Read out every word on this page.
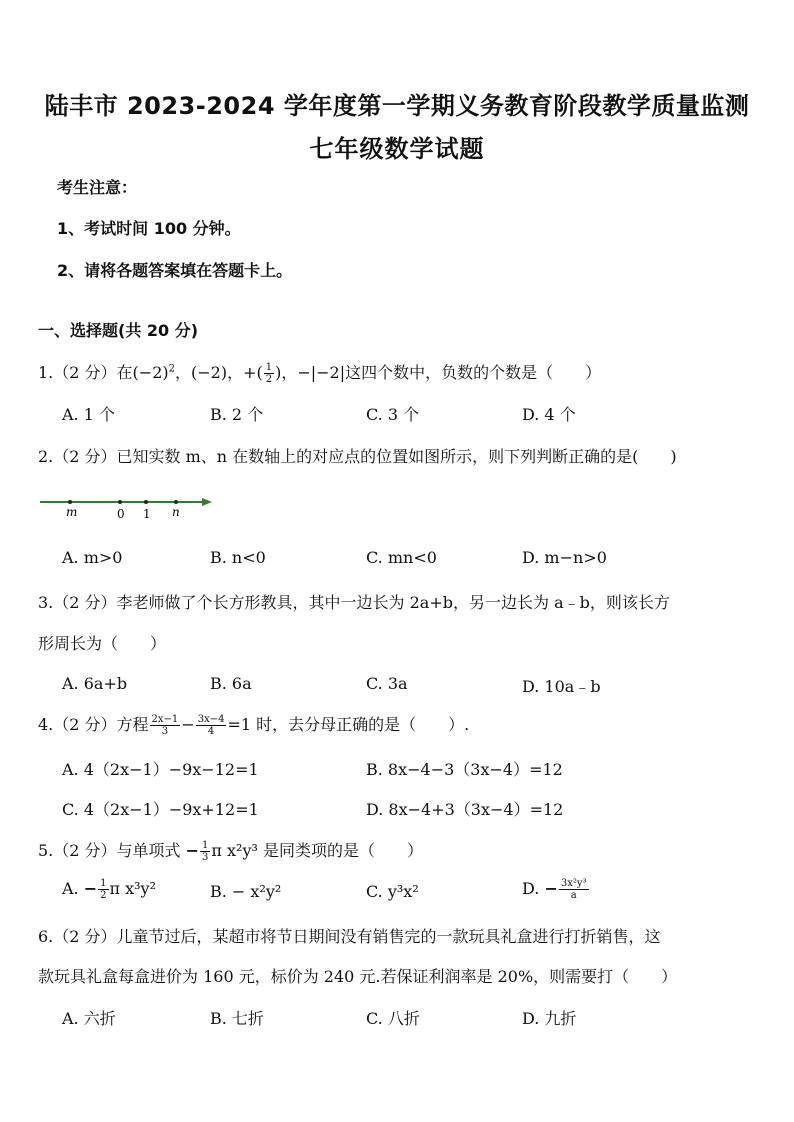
陆丰市 2023-2024 学年度第一学期义务教育阶段教学质量监测
七年级数学试题
考生注意：
1、考试时间 100 分钟。
2、请将各题答案填在答题卡上。
一、选择题(共 20 分)
1.（2 分）在$(-2)^2$，(−2)，+( $\frac{1}{2}$ )，−|−2|这四个数中，负数的个数是（　　）
A. 1 个	B. 2 个	C. 3 个	D. 4 个
2.（2 分）已知实数 m、n 在数轴上的对应点的位置如图所示，则下列判断正确的是(　　)
m	0 1 n
A. m>0	B. n<0	C. mn<0	D. m−n>0
3.（2 分）李老师做了个长方形教具，其中一边长为 2a+b，另一边长为 a﹣b，则该长方
形周长为（　　）
A. 6a+b	B. 6a	C. 3a	D. 10a﹣b
4.（2 分）方程 $\frac{2x-1}{3} - \frac{3x-4}{4} =1$ 时，去分母正确的是（　　）.
A. 4（2x−1）−9x−12=1	B. 8x−4−3（3x−4）=12
C. 4（2x−1）−9x+12=1	D. 8x−4+3（3x−4）=12
5.（2 分）与单项式 − $\frac{1}{3}$ π x²y³ 是同类项的是（　　）
A. − $\frac{1}{2}$ π x³y²	B. − x²y²	C. y³x²	D. − $\frac{\text{3x²y³}}{a}$
6.（2 分）儿童节过后，某超市将节日期间没有销售完的一款玩具礼盒进行打折销售，这
款玩具礼盒每盒进价为 160 元，标价为 240 元.若保证利润率是 20%，则需要打（　　）
A. 六折	B. 七折	C. 八折	D. 九折
